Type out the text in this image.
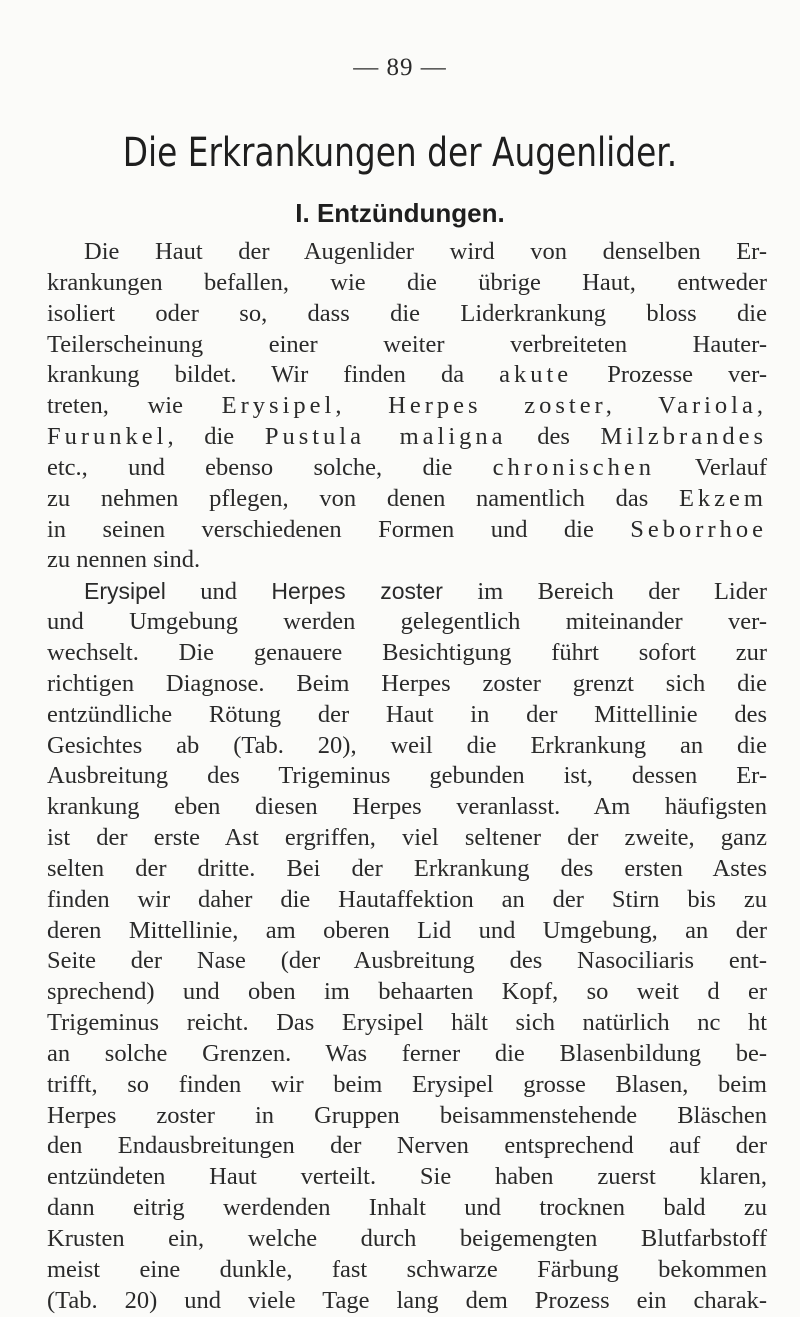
— 89 —
Die Erkrankungen der Augenlider.
I. Entzündungen.
Die Haut der Augenlider wird von denselben Er-
krankungen befallen, wie die übrige Haut, entweder
isoliert oder so, dass die Liderkrankung bloss die
Teilerscheinung einer weiter verbreiteten Hauter-
krankung bildet. Wir finden da akute Prozesse ver-
treten, wie Erysipel, Herpes zoster, Variola,
Furunkel, die Pustula maligna des Milzbrandes
etc., und ebenso solche, die chronischen Verlauf
zu nehmen pflegen, von denen namentlich das Ekzem
in seinen verschiedenen Formen und die Seborrhoe
zu nennen sind.
Erysipel und Herpes zoster im Bereich der Lider
und Umgebung werden gelegentlich miteinander ver-
wechselt. Die genauere Besichtigung führt sofort zur
richtigen Diagnose. Beim Herpes zoster grenzt sich die
entzündliche Rötung der Haut in der Mittellinie des
Gesichtes ab (Tab. 20), weil die Erkrankung an die
Ausbreitung des Trigeminus gebunden ist, dessen Er-
krankung eben diesen Herpes veranlasst. Am häufigsten
ist der erste Ast ergriffen, viel seltener der zweite, ganz
selten der dritte. Bei der Erkrankung des ersten Astes
finden wir daher die Hautaffektion an der Stirn bis zu
deren Mittellinie, am oberen Lid und Umgebung, an der
Seite der Nase (der Ausbreitung des Nasociliaris ent-
sprechend) und oben im behaarten Kopf, so weit d er
Trigeminus reicht. Das Erysipel hält sich natürlich nc ht
an solche Grenzen. Was ferner die Blasenbildung be-
trifft, so finden wir beim Erysipel grosse Blasen, beim
Herpes zoster in Gruppen beisammenstehende Bläschen
den Endausbreitungen der Nerven entsprechend auf der
entzündeten Haut verteilt. Sie haben zuerst klaren,
dann eitrig werdenden Inhalt und trocknen bald zu
Krusten ein, welche durch beigemengten Blutfarbstoff
meist eine dunkle, fast schwarze Färbung bekommen
(Tab. 20) und viele Tage lang dem Prozess ein charak-
